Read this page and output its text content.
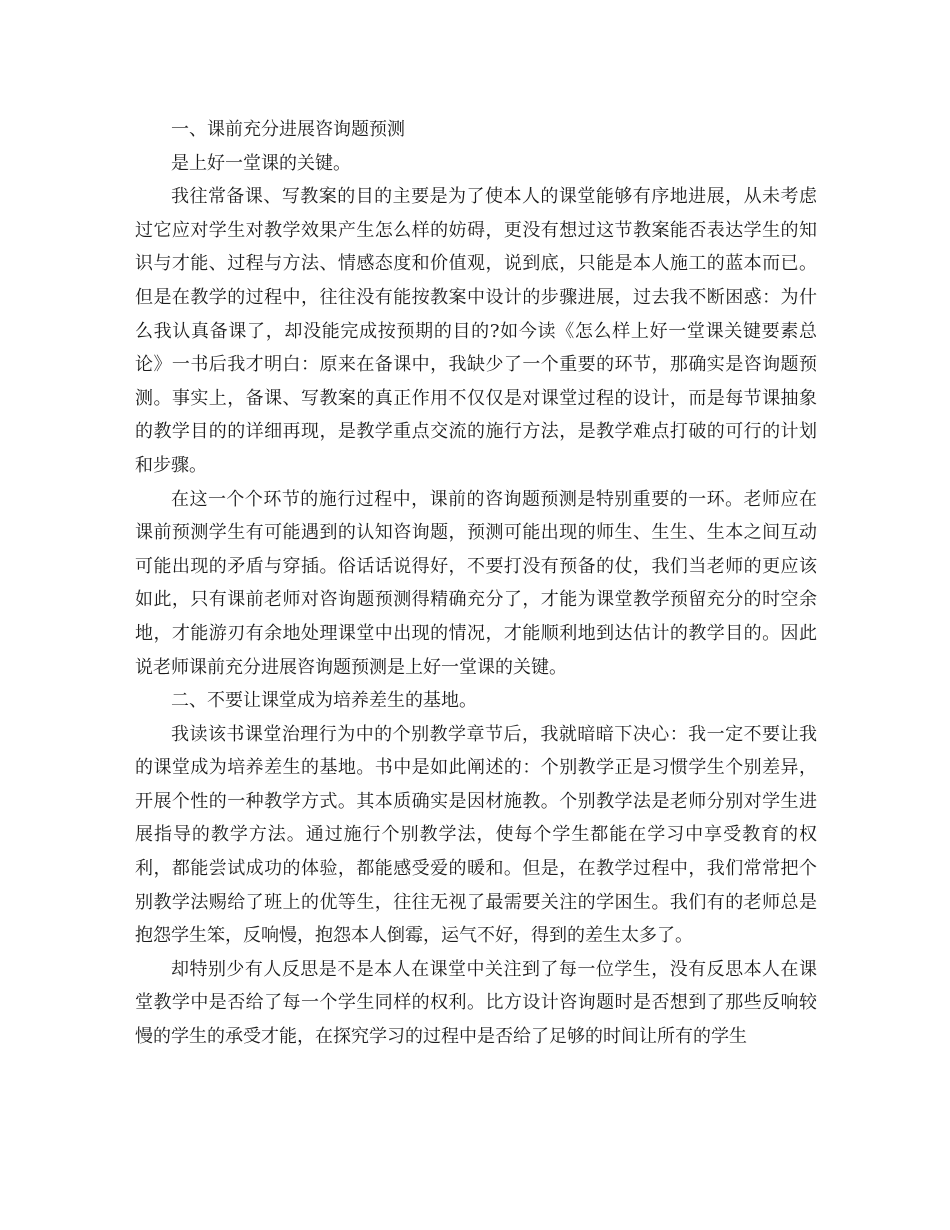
一、课前充分进展咨询题预测

是上好一堂课的关键。

我往常备课、写教案的目的主要是为了使本人的课堂能够有序地进展，从未考虑过它应对学生对教学效果产生怎么样的妨碍，更没有想过这节教案能否表达学生的知识与才能、过程与方法、情感态度和价值观，说到底，只能是本人施工的蓝本而已。但是在教学的过程中，往往没有能按教案中设计的步骤进展，过去我不断困惑：为什么我认真备课了，却没能完成按预期的目的?如今读《怎么样上好一堂课关键要素总论》一书后我才明白：原来在备课中，我缺少了一个重要的环节，那确实是咨询题预测。事实上，备课、写教案的真正作用不仅仅是对课堂过程的设计，而是每节课抽象的教学目的的详细再现，是教学重点交流的施行方法，是教学难点打破的可行的计划和步骤。

在这一个个环节的施行过程中，课前的咨询题预测是特别重要的一环。老师应在课前预测学生有可能遇到的认知咨询题，预测可能出现的师生、生生、生本之间互动可能出现的矛盾与穿插。俗话话说得好，不要打没有预备的仗，我们当老师的更应该如此，只有课前老师对咨询题预测得精确充分了，才能为课堂教学预留充分的时空余地，才能游刃有余地处理课堂中出现的情况，才能顺利地到达估计的教学目的。因此说老师课前充分进展咨询题预测是上好一堂课的关键。

二、不要让课堂成为培养差生的基地。

我读该书课堂治理行为中的个别教学章节后，我就暗暗下决心：我一定不要让我的课堂成为培养差生的基地。书中是如此阐述的：个别教学正是习惯学生个别差异，开展个性的一种教学方式。其本质确实是因材施教。个别教学法是老师分别对学生进展指导的教学方法。通过施行个别教学法，使每个学生都能在学习中享受教育的权利，都能尝试成功的体验，都能感受爱的暖和。但是，在教学过程中，我们常常把个别教学法赐给了班上的优等生，往往无视了最需要关注的学困生。我们有的老师总是抱怨学生笨，反响慢，抱怨本人倒霉，运气不好，得到的差生太多了。

却特别少有人反思是不是本人在课堂中关注到了每一位学生，没有反思本人在课堂教学中是否给了每一个学生同样的权利。比方设计咨询题时是否想到了那些反响较慢的学生的承受才能，在探究学习的过程中是否给了足够的时间让所有的学生
